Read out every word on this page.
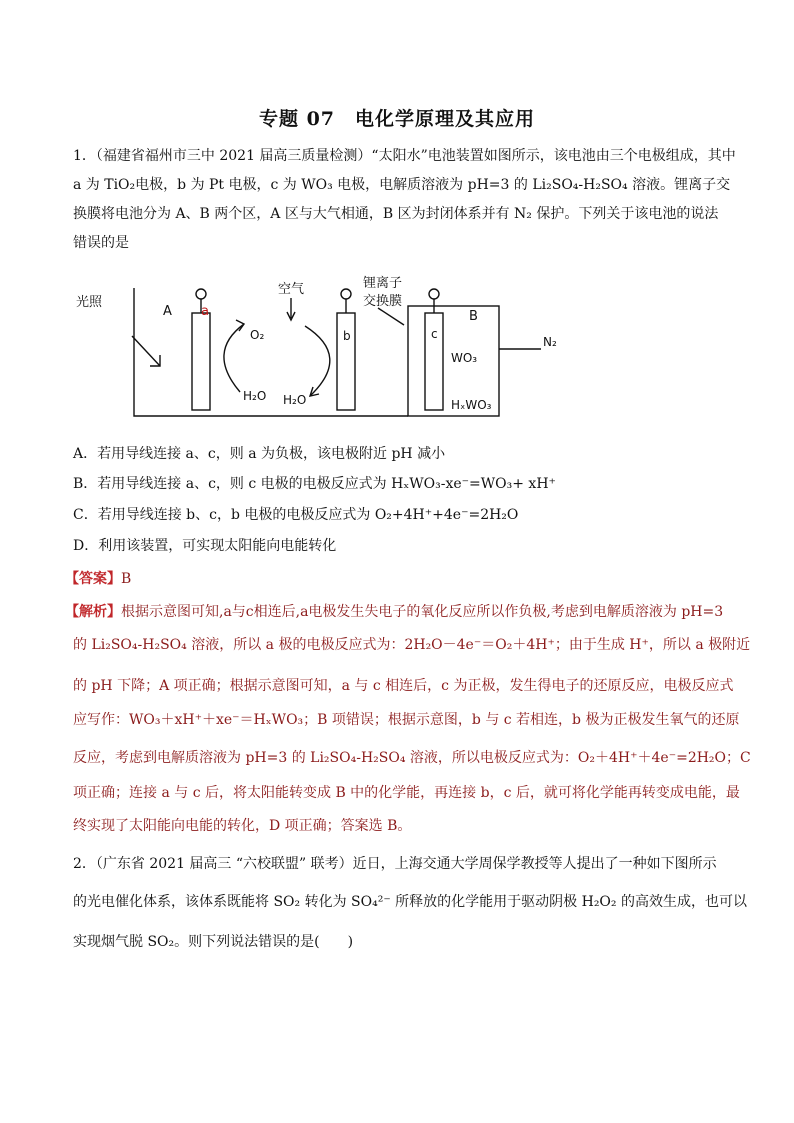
专题 07　电化学原理及其应用
1．（福建省福州市三中 2021 届高三质量检测）“太阳水”电池装置如图所示，该电池由三个电极组成，其中
a 为 TiO₂电极，b 为 Pt 电极，c 为 WO₃ 电极，电解质溶液为 pH=3 的 Li₂SO₄-H₂SO₄ 溶液。锂离子交
换膜将电池分为 A、B 两个区，A 区与大气相通，B 区为封闭体系并有 N₂ 保护。下列关于该电池的说法
错误的是
光照
A a
空气
O₂
H₂O H₂O
b
锂离子
交换膜
c
B
WO₃
HₓWO₃
N₂
A．若用导线连接 a、c，则 a 为负极，该电极附近 pH 减小
B．若用导线连接 a、c，则 c 电极的电极反应式为 HₓWO₃-xe⁻=WO₃+ xH⁺
C．若用导线连接 b、c，b 电极的电极反应式为 O₂+4H⁺+4e⁻=2H₂O
D．利用该装置，可实现太阳能向电能转化
【答案】B
【解析】根据示意图可知,a与c相连后,a电极发生失电子的氧化反应所以作负极,考虑到电解质溶液为 pH=3
的 Li₂SO₄-H₂SO₄ 溶液，所以 a 极的电极反应式为：2H₂O－4e⁻＝O₂＋4H⁺；由于生成 H⁺，所以 a 极附近
的 pH 下降；A 项正确；根据示意图可知，a 与 c 相连后，c 为正极，发生得电子的还原反应，电极反应式
应写作：WO₃＋xH⁺＋xe⁻＝HₓWO₃；B 项错误；根据示意图，b 与 c 若相连，b 极为正极发生氧气的还原
反应，考虑到电解质溶液为 pH=3 的 Li₂SO₄-H₂SO₄ 溶液，所以电极反应式为：O₂＋4H⁺＋4e⁻=2H₂O；C
项正确；连接 a 与 c 后，将太阳能转变成 B 中的化学能，再连接 b，c 后，就可将化学能再转变成电能，最
终实现了太阳能向电能的转化，D 项正确；答案选 B。
2．（广东省 2021 届高三 “六校联盟” 联考）近日，上海交通大学周保学教授等人提出了一种如下图所示
的光电催化体系，该体系既能将 SO₂ 转化为 SO₄²⁻ 所释放的化学能用于驱动阴极 H₂O₂ 的高效生成，也可以
实现烟气脱 SO₂。则下列说法错误的是(　　)
